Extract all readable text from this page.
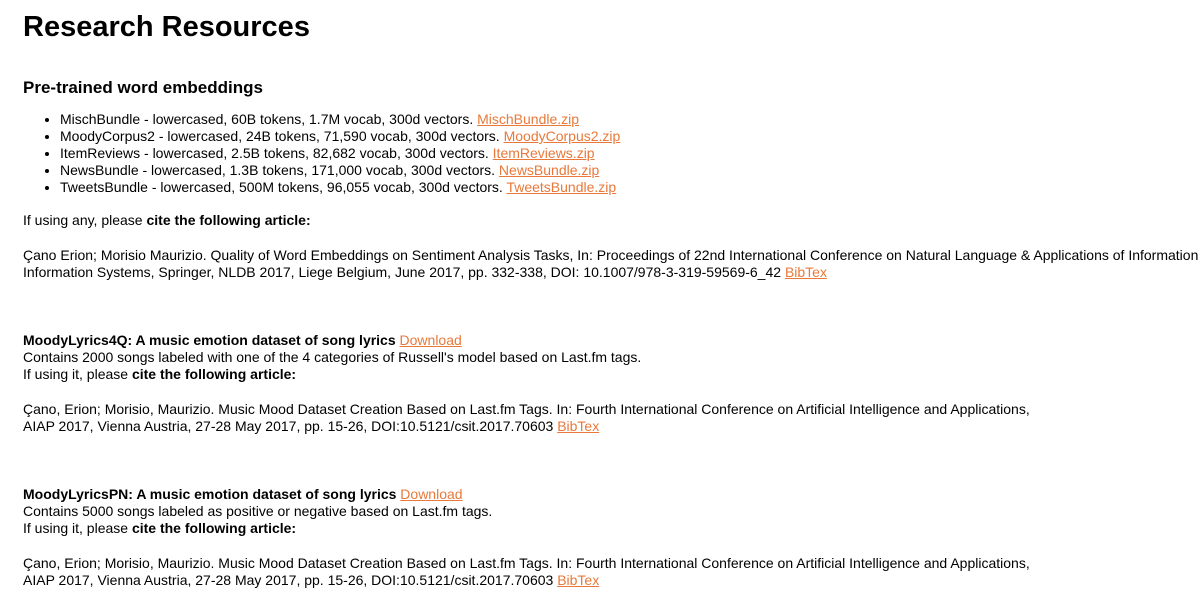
Research Resources
Pre-trained word embeddings
• MischBundle - lowercased, 60B tokens, 1.7M vocab, 300d vectors. MischBundle.zip
• MoodyCorpus2 - lowercased, 24B tokens, 71,590 vocab, 300d vectors. MoodyCorpus2.zip
• ItemReviews - lowercased, 2.5B tokens, 82,682 vocab, 300d vectors. ItemReviews.zip
• NewsBundle - lowercased, 1.3B tokens, 171,000 vocab, 300d vectors. NewsBundle.zip
• TweetsBundle - lowercased, 500M tokens, 96,055 vocab, 300d vectors. TweetsBundle.zip

If using any, please cite the following article:

Çano Erion; Morisio Maurizio. Quality of Word Embeddings on Sentiment Analysis Tasks, In: Proceedings of 22nd International Conference on Natural Language & Applications of Information

Information Systems, Springer, NLDB 2017, Liege Belgium, June 2017, pp. 332-338, DOI: 10.1007/978-3-319-59569-6_42 BibTex

MoodyLyrics4Q: A music emotion dataset of song lyrics Download
Contains 2000 songs labeled with one of the 4 categories of Russell's model based on Last.fm tags.
If using it, please cite the following article:

Çano, Erion; Morisio, Maurizio. Music Mood Dataset Creation Based on Last.fm Tags. In: Fourth International Conference on Artificial Intelligence and Applications,

AIAP 2017, Vienna Austria, 27-28 May 2017, pp. 15-26, DOI:10.5121/csit.2017.70603 BibTex

MoodyLyricsPN: A music emotion dataset of song lyrics Download
Contains 5000 songs labeled as positive or negative based on Last.fm tags.
If using it, please cite the following article:

Çano, Erion; Morisio, Maurizio. Music Mood Dataset Creation Based on Last.fm Tags. In: Fourth International Conference on Artificial Intelligence and Applications,

AIAP 2017, Vienna Austria, 27-28 May 2017, pp. 15-26, DOI:10.5121/csit.2017.70603 BibTex
